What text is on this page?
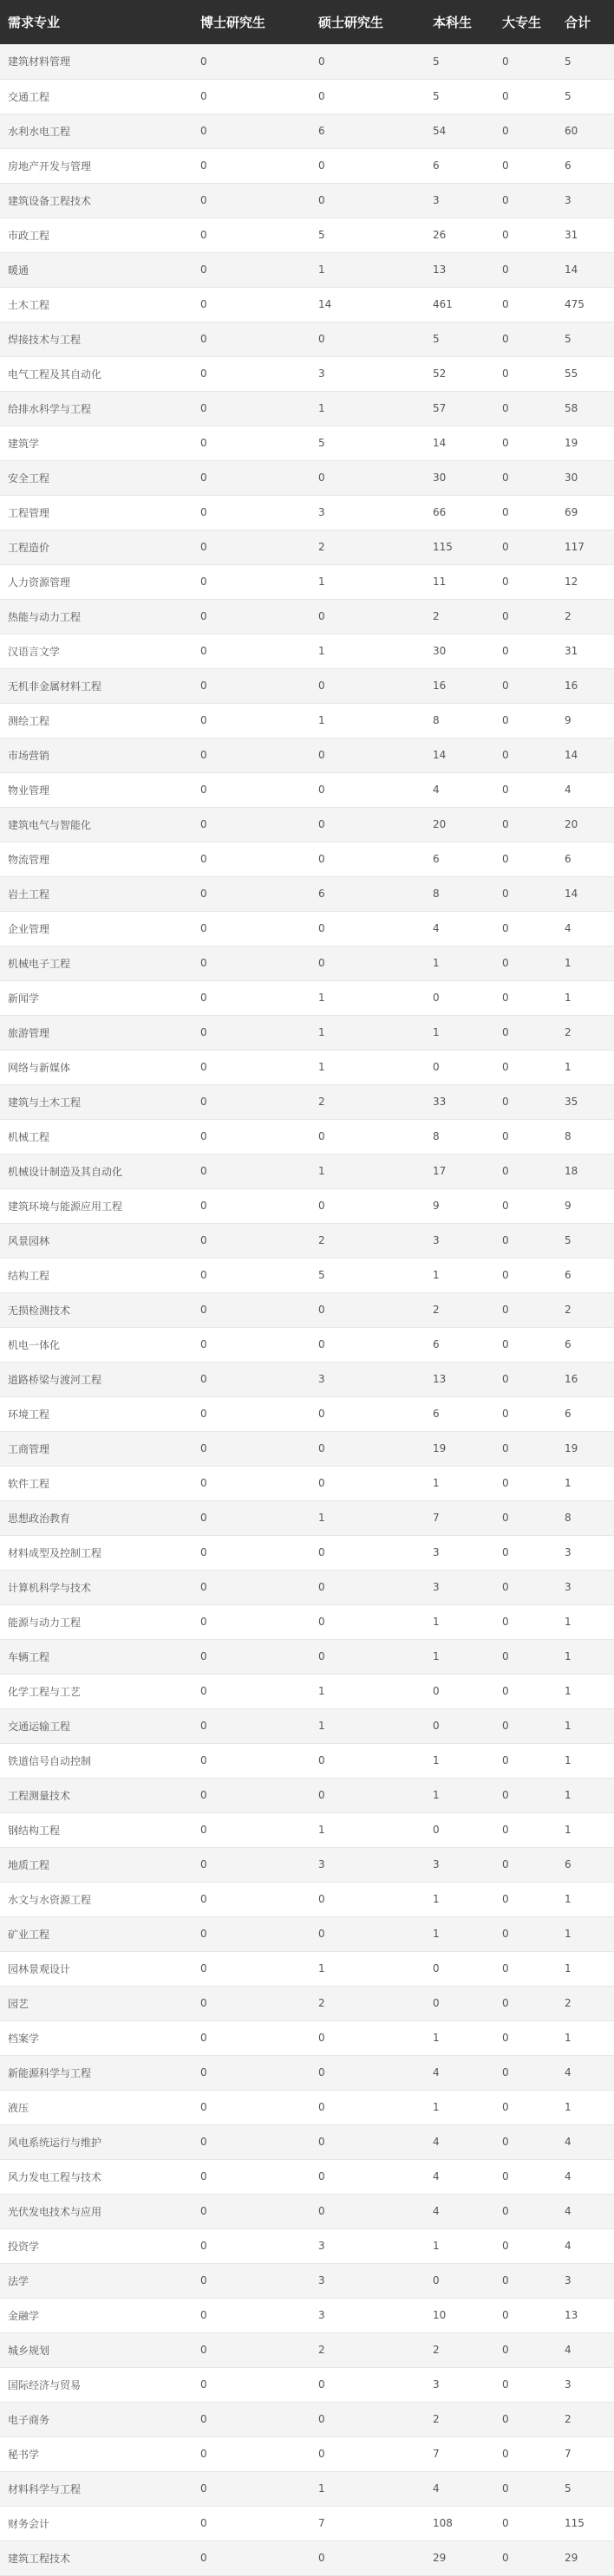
需求专业	博士研究生	硕士研究生	本科生	大专生	合计
建筑材料管理	0	0	5	0	5
交通工程	0	0	5	0	5
水利水电工程	0	6	54	0	60
房地产开发与管理	0	0	6	0	6
建筑设备工程技术	0	0	3	0	3
市政工程	0	5	26	0	31
暖通	0	1	13	0	14
土木工程	0	14	461	0	475
焊接技术与工程	0	0	5	0	5
电气工程及其自动化	0	3	52	0	55
给排水科学与工程	0	1	57	0	58
建筑学	0	5	14	0	19
安全工程	0	0	30	0	30
工程管理	0	3	66	0	69
工程造价	0	2	115	0	117
人力资源管理	0	1	11	0	12
热能与动力工程	0	0	2	0	2
汉语言文学	0	1	30	0	31
无机非金属材料工程	0	0	16	0	16
测绘工程	0	1	8	0	9
市场营销	0	0	14	0	14
物业管理	0	0	4	0	4
建筑电气与智能化	0	0	20	0	20
物流管理	0	0	6	0	6
岩土工程	0	6	8	0	14
企业管理	0	0	4	0	4
机械电子工程	0	0	1	0	1
新闻学	0	1	0	0	1
旅游管理	0	1	1	0	2
网络与新媒体	0	1	0	0	1
建筑与土木工程	0	2	33	0	35
机械工程	0	0	8	0	8
机械设计制造及其自动化	0	1	17	0	18
建筑环境与能源应用工程	0	0	9	0	9
风景园林	0	2	3	0	5
结构工程	0	5	1	0	6
无损检测技术	0	0	2	0	2
机电一体化	0	0	6	0	6
道路桥梁与渡河工程	0	3	13	0	16
环境工程	0	0	6	0	6
工商管理	0	0	19	0	19
软件工程	0	0	1	0	1
思想政治教育	0	1	7	0	8
材料成型及控制工程	0	0	3	0	3
计算机科学与技术	0	0	3	0	3
能源与动力工程	0	0	1	0	1
车辆工程	0	0	1	0	1
化学工程与工艺	0	1	0	0	1
交通运输工程	0	1	0	0	1
铁道信号自动控制	0	0	1	0	1
工程测量技术	0	0	1	0	1
钢结构工程	0	1	0	0	1
地质工程	0	3	3	0	6
水文与水资源工程	0	0	1	0	1
矿业工程	0	0	1	0	1
园林景观设计	0	1	0	0	1
园艺	0	2	0	0	2
档案学	0	0	1	0	1
新能源科学与工程	0	0	4	0	4
液压	0	0	1	0	1
风电系统运行与维护	0	0	4	0	4
风力发电工程与技术	0	0	4	0	4
光伏发电技术与应用	0	0	4	0	4
投资学	0	3	1	0	4
法学	0	3	0	0	3
金融学	0	3	10	0	13
城乡规划	0	2	2	0	4
国际经济与贸易	0	0	3	0	3
电子商务	0	0	2	0	2
秘书学	0	0	7	0	7
材料科学与工程	0	1	4	0	5
财务会计	0	7	108	0	115
建筑工程技术	0	0	29	0	29
